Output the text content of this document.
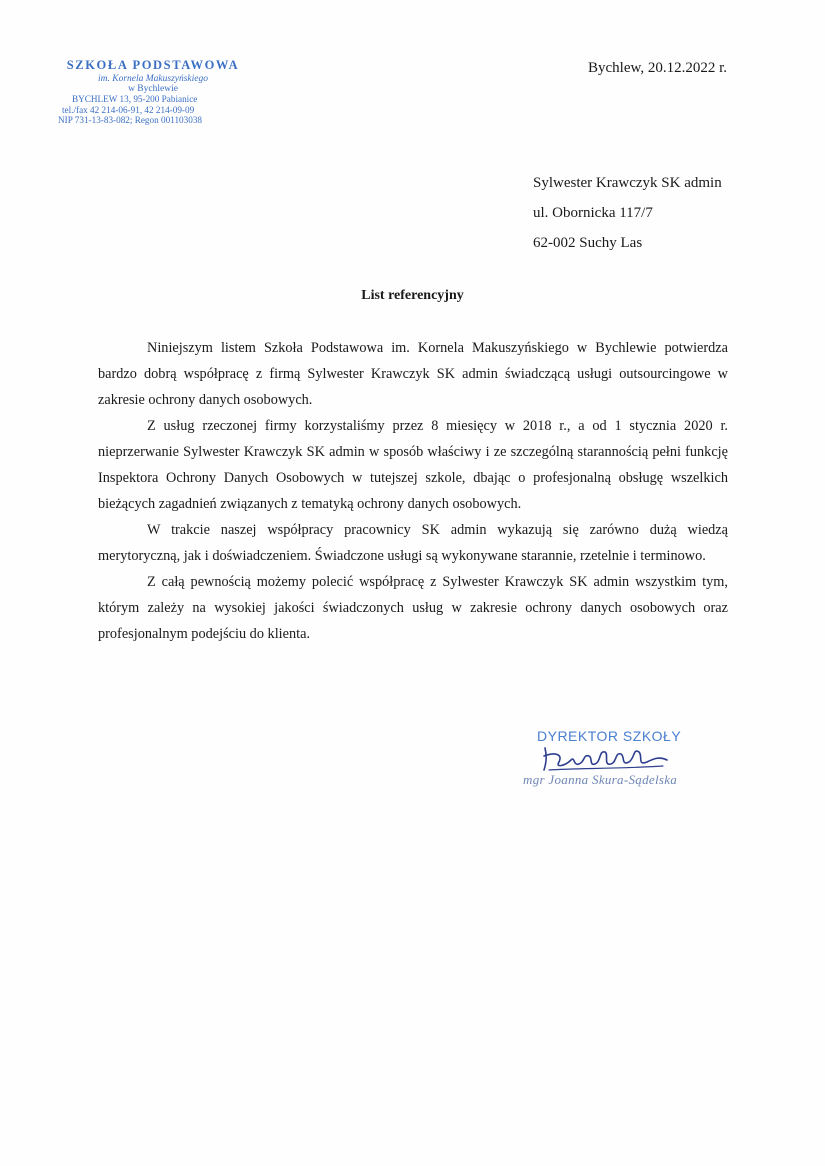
SZKOŁA PODSTAWOWA
im. Kornela Makuszyńskiego
w Bychlewie
BYCHLEW 13, 95-200 Pabianice
tel./fax 42 214-06-91, 42 214-09-09
NIP 731-13-83-082; Regon 001103038
Bychlew, 20.12.2022 r.
Sylwester Krawczyk SK admin
ul. Obornicka 117/7
62-002 Suchy Las
List referencyjny

Niniejszym listem Szkoła Podstawowa im. Kornela Makuszyńskiego w Bychlewie potwierdza bardzo dobrą współpracę z firmą Sylwester Krawczyk SK admin świadczącą usługi outsourcingowe w zakresie ochrony danych osobowych.

Z usług rzeczonej firmy korzystaliśmy przez 8 miesięcy w 2018 r., a od 1 stycznia 2020 r. nieprzerwanie Sylwester Krawczyk SK admin w sposób właściwy i ze szczególną starannością pełni funkcję Inspektora Ochrony Danych Osobowych w tutejszej szkole, dbając o profesjonalną obsługę wszelkich bieżących zagadnień związanych z tematyką ochrony danych osobowych.

W trakcie naszej współpracy pracownicy SK admin wykazują się zarówno dużą wiedzą merytoryczną, jak i doświadczeniem. Świadczone usługi są wykonywane starannie, rzetelnie i terminowo.

Z całą pewnością możemy polecić współpracę z Sylwester Krawczyk SK admin wszystkim tym, którym zależy na wysokiej jakości świadczonych usług w zakresie ochrony danych osobowych oraz profesjonalnym podejściu do klienta.

DYREKTOR SZKOŁY
mgr Joanna Skura-Sądelska
